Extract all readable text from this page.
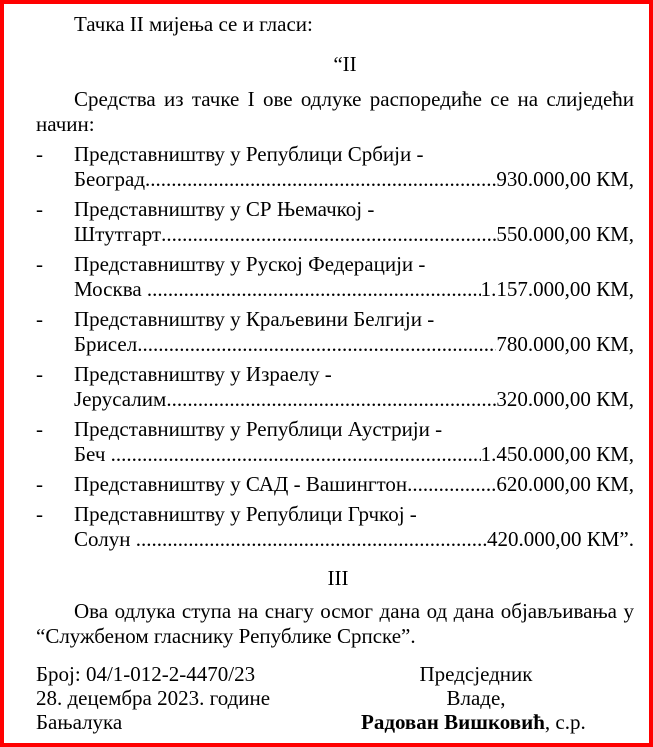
Тачка II мијења се и гласи:
“II
Средства из тачке I ове одлуке распоредиће се на слиједећи начин:
- Представништву у Републици Србији -
Београд .....	930.000,00 КМ,
- Представништву у СР Њемачкој -
Штутгарт .....	550.000,00 КМ,
- Представништву у Руској Федерацији -
Москва .....	1.157.000,00 КМ,
- Представништву у Краљевини Белгији -
Брисел .....	780.000,00 КМ,
- Представништву у Израелу -
Јерусалим .....	320.000,00 КМ,
- Представништву у Републици Аустрији -
Беч .....	1.450.000,00 КМ,
- Представништву у САД - Вашингтон .....	620.000,00 КМ,
- Представништву у Републици Грчкој -
Солун .....	420.000,00 КМ”.
III
Ова одлука ступа на снагу осмог дана од дана објављивања у “Службеном гласнику Републике Српске”.
Број: 04/1-012-2-4470/23
28. децембра 2023. године
Бањалука
Предсједник
Владе,
Радован Вишковић, с.р.
